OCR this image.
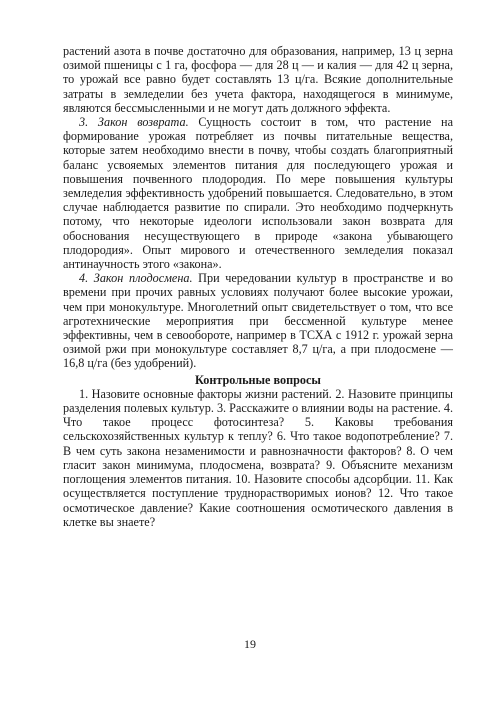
растений азота в почве достаточно для образования, например, 13 ц зерна озимой пшеницы с 1 га, фосфора — для 28 ц — и калия — для 42 ц зерна, то урожай все равно будет составлять 13 ц/га. Всякие дополнительные затраты в земледелии без учета фактора, находящегося в минимуме, являются бессмысленными и не могут дать должного эффекта.

3. Закон возврата. Сущность состоит в том, что растение на формирование урожая потребляет из почвы питательные вещества, которые затем необходимо внести в почву, чтобы создать благоприятный баланс усвояемых элементов питания для последующего урожая и повышения почвенного плодородия. По мере повышения культуры земледелия эффективность удобрений повышается. Следовательно, в этом случае наблюдается развитие по спирали. Это необходимо подчеркнуть потому, что некоторые идеологи использовали закон возврата для обоснования несуществующего в природе «закона убывающего плодородия». Опыт мирового и отечественного земледелия показал антинаучность этого «закона».

4. Закон плодосмена. При чередовании культур в пространстве и во времени при прочих равных условиях получают более высокие урожаи, чем при монокультуре. Многолетний опыт свидетельствует о том, что все агротехнические мероприятия при бессменной культуре менее эффективны, чем в севообороте, например в ТСХА с 1912 г. урожай зерна озимой ржи при монокультуре составляет 8,7 ц/га, а при плодосмене — 16,8 ц/га (без удобрений).

Контрольные вопросы

1. Назовите основные факторы жизни растений. 2. Назовите принципы разделения полевых культур. 3. Расскажите о влиянии воды на растение. 4. Что такое процесс фотосинтеза? 5. Каковы требования сельскохозяйственных культур к теплу? 6. Что такое водопотребление? 7. В чем суть закона незаменимости и равнозначности факторов? 8. О чем гласит закон минимума, плодосмена, возврата? 9. Объясните механизм поглощения элементов питания. 10. Назовите способы адсорбции. 11. Как осуществляется поступление труднорастворимых ионов? 12. Что такое осмотическое давление? Какие соотношения осмотического давления в клетке вы знаете?

19
